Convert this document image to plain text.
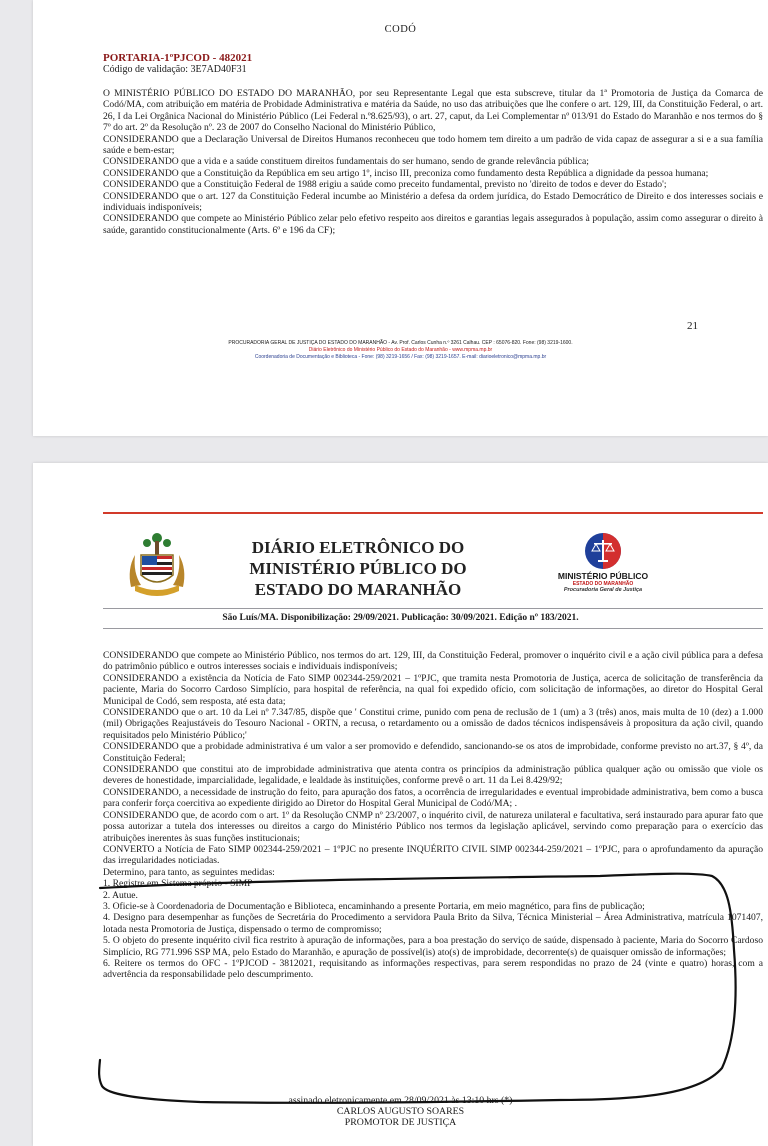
CODÓ
PORTARIA-1ºPJCOD - 482021
Código de validação: 3E7AD40F31

O MINISTÉRIO PÚBLICO DO ESTADO DO MARANHÃO, por seu Representante Legal que esta subscreve, titular da 1ª Promotoria de Justiça da Comarca de Codó/MA, com atribuição em matéria de Probidade Administrativa e matéria da Saúde, no uso das atribuições que lhe confere o art. 129, III, da Constituição Federal, o art. 26, I da Lei Orgânica Nacional do Ministério Público (Lei Federal n.º8.625/93), o art. 27, caput, da Lei Complementar nº 013/91 do Estado do Maranhão e nos termos do § 7º do art. 2º da Resolução nº. 23 de 2007 do Conselho Nacional do Ministério Público,

CONSIDERANDO que a Declaração Universal de Direitos Humanos reconheceu que todo homem tem direito a um padrão de vida capaz de assegurar a si e a sua família saúde e bem-estar;

CONSIDERANDO que a vida e a saúde constituem direitos fundamentais do ser humano, sendo de grande relevância pública;

CONSIDERANDO que a Constituição da República em seu artigo 1º, inciso III, preconiza como fundamento desta República a dignidade da pessoa humana;

CONSIDERANDO que a Constituição Federal de 1988 erigiu a saúde como preceito fundamental, previsto no 'direito de todos e dever do Estado';

CONSIDERANDO que o art. 127 da Constituição Federal incumbe ao Ministério a defesa da ordem jurídica, do Estado Democrático de Direito e dos interesses sociais e individuais indisponíveis;

CONSIDERANDO que compete ao Ministério Público zelar pelo efetivo respeito aos direitos e garantias legais assegurados à população, assim como assegurar o direito à saúde, garantido constitucionalmente (Arts. 6º e 196 da CF);

21
PROCURADORIA GERAL DE JUSTIÇA DO ESTADO DO MARANHÃO - Av. Prof. Carlos Cunha n.º 3261 Calhau. CEP : 65076-820. Fone: (98) 3219-1600.
Diário Eletrônico do Ministério Público do Estado do Maranhão - www.mpma.mp.br
Coordenadoria de Documentação e Biblioteca - Fone: (98) 3219-1656 / Fax: (98) 3219-1657. E-mail: diarioeletronico@mpma.mp.br
DIÁRIO ELETRÔNICO DO
MINISTÉRIO PÚBLICO DO
ESTADO DO MARANHÃO
MINISTÉRIO PÚBLICO
ESTADO DO MARANHÃO
Procuradoria Geral de Justiça
São Luís/MA. Disponibilização: 29/09/2021. Publicação: 30/09/2021. Edição nº 183/2021.

CONSIDERANDO que compete ao Ministério Público, nos termos do art. 129, III, da Constituição Federal, promover o inquérito civil e a ação civil pública para a defesa do patrimônio público e outros interesses sociais e individuais indisponíveis;

CONSIDERANDO a existência da Notícia de Fato SIMP 002344-259/2021 – 1ºPJC, que tramita nesta Promotoria de Justiça, acerca de solicitação de transferência da paciente, Maria do Socorro Cardoso Simplício, para hospital de referência, na qual foi expedido ofício, com solicitação de informações, ao diretor do Hospital Geral Municipal de Codó, sem resposta, até esta data;

CONSIDERANDO que o art. 10 da Lei nº 7.347/85, dispõe que ' Constitui crime, punido com pena de reclusão de 1 (um) a 3 (três) anos, mais multa de 10 (dez) a 1.000 (mil) Obrigações Reajustáveis do Tesouro Nacional - ORTN, a recusa, o retardamento ou a omissão de dados técnicos indispensáveis à propositura da ação civil, quando requisitados pelo Ministério Público;'

CONSIDERANDO que a probidade administrativa é um valor a ser promovido e defendido, sancionando-se os atos de improbidade, conforme previsto no art.37, § 4º, da Constituição Federal;

CONSIDERANDO que constitui ato de improbidade administrativa que atenta contra os princípios da administração pública qualquer ação ou omissão que viole os deveres de honestidade, imparcialidade, legalidade, e lealdade às instituições, conforme prevê o art. 11 da Lei 8.429/92;

CONSIDERANDO, a necessidade de instrução do feito, para apuração dos fatos, a ocorrência de irregularidades e eventual improbidade administrativa, bem como a busca para conferir força coercitiva ao expediente dirigido ao Diretor do Hospital Geral Municipal de Codó/MA; .

CONSIDERANDO que, de acordo com o art. 1º da Resolução CNMP nº 23/2007, o inquérito civil, de natureza unilateral e facultativa, será instaurado para apurar fato que possa autorizar a tutela dos interesses ou direitos a cargo do Ministério Público nos termos da legislação aplicável, servindo como preparação para o exercício das atribuições inerentes às suas funções institucionais;

CONVERTO a Notícia de Fato SIMP 002344-259/2021 – 1ºPJC no presente INQUÉRITO CIVIL SIMP 002344-259/2021 – 1ºPJC, para o aprofundamento da apuração das irregularidades noticiadas.

Determino, para tanto, as seguintes medidas:

1. Registre em Sistema próprio - SIMP

2. Autue.

3. Oficie-se à Coordenadoria de Documentação e Biblioteca, encaminhando a presente Portaria, em meio magnético, para fins de publicação;

4. Designo para desempenhar as funções de Secretária do Procedimento a servidora Paula Brito da Silva, Técnica Ministerial – Área Administrativa, matrícula 1071407, lotada nesta Promotoria de Justiça, dispensado o termo de compromisso;

5. O objeto do presente inquérito civil fica restrito à apuração de informações, para a boa prestação do serviço de saúde, dispensado à paciente, Maria do Socorro Cardoso Simplício, RG 771.996 SSP MA, pelo Estado do Maranhão, e apuração de possível(is) ato(s) de improbidade, decorrente(s) de quaisquer omissão de informações;

6. Reitere os termos do OFC - 1ºPJCOD - 3812021, requisitando as informações respectivas, para serem respondidas no prazo de 24 (vinte e quatro) horas, com a advertência da responsabilidade pelo descumprimento.

assinado eletronicamente em 28/09/2021 às 13:10 hrs (*)
CARLOS AUGUSTO SOARES
PROMOTOR DE JUSTIÇA
